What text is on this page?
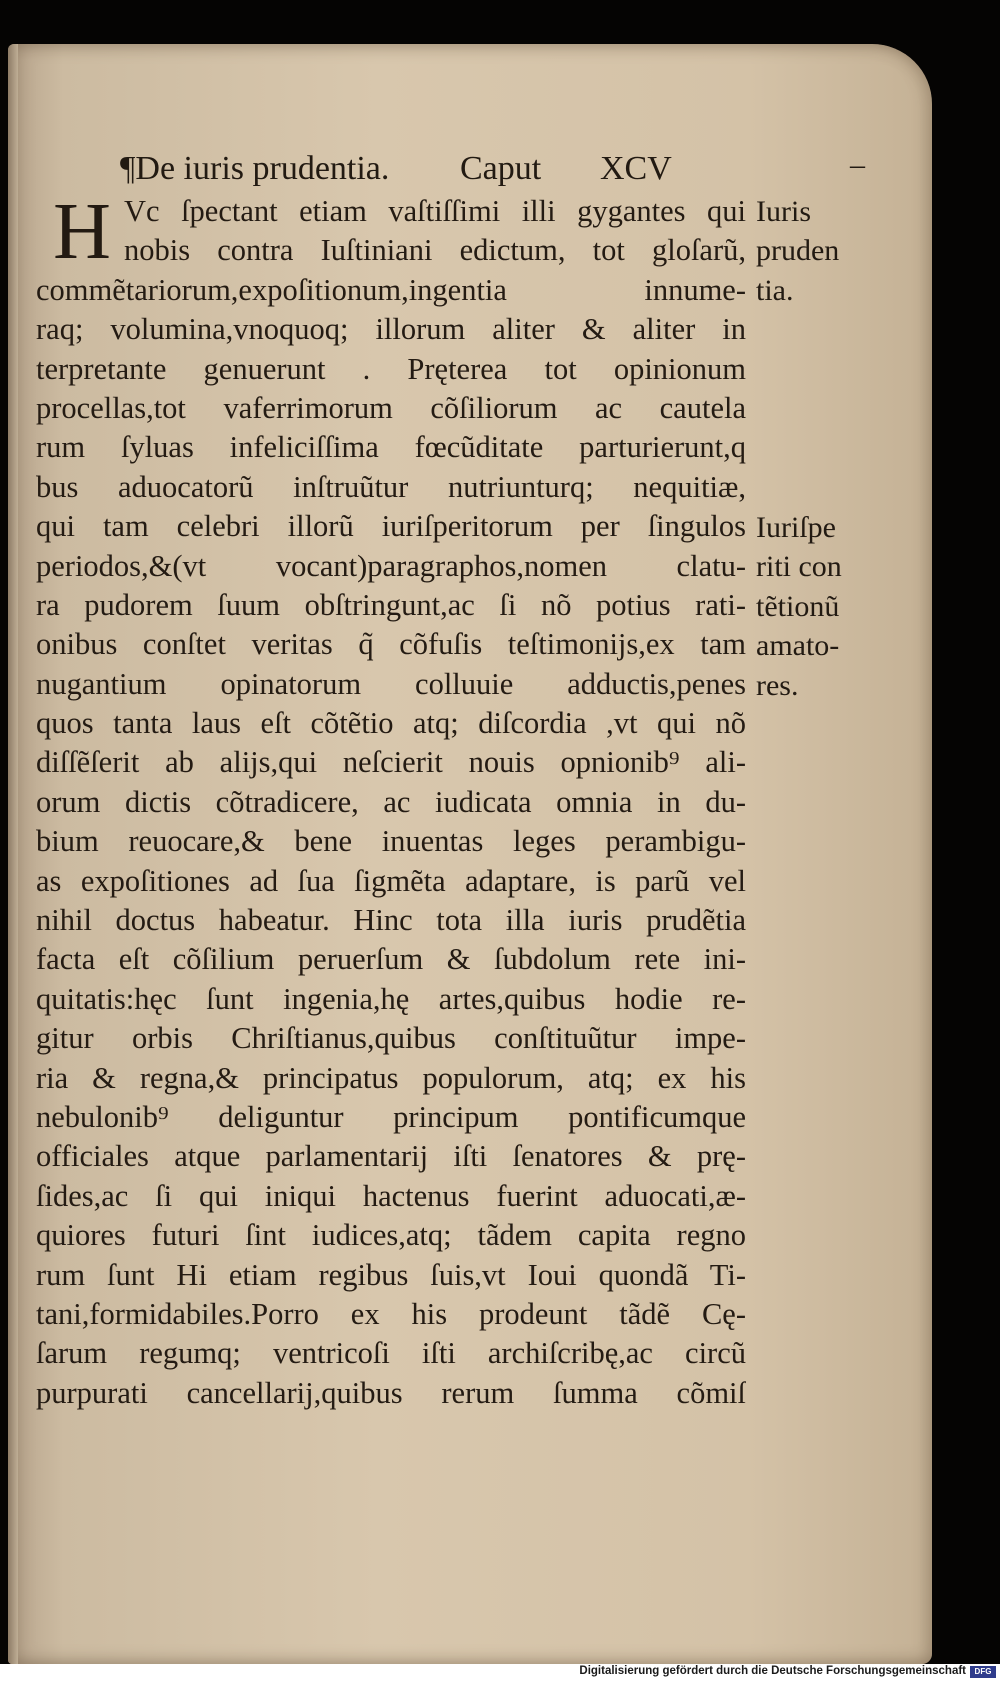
¶De iuris prudentia. Caput XCV	–
H Vc ſpectant etiam vaſtiſſimi illi gygantes qui
nobis contra Iuſtiniani edictum, tot gloſarũ,
commẽtariorum,expoſitionum,ingentia innume-
raq; volumina,vnoquoq; illorum aliter & aliter in
terpretante genuerunt . Pręterea tot opinionum
procellas,tot vaferrimorum cõſiliorum ac cautela
rum ſyluas infeliciſſima fœcũditate parturierunt,q
bus aduocatorũ inſtruũtur nutriunturq; nequitiæ,
qui tam celebri illorũ iuriſperitorum per ſingulos
periodos,&(vt vocant)paragraphos,nomen clatu-
ra pudorem ſuum obſtringunt,ac ſi nõ potius rati-
onibus conſtet veritas q̃ cõfuſis teſtimonijs,ex tam
nugantium opinatorum colluuie adductis,penes
quos tanta laus eſt cõtẽtio atq; diſcordia ,vt qui nõ
diſſẽſerit ab alijs,qui neſcierit nouis opnionib⁹ ali-
orum dictis cõtradicere, ac iudicata omnia in du-
bium reuocare,& bene inuentas leges perambigu-
as expoſitiones ad ſua ſigmẽta adaptare, is parũ vel
nihil doctus habeatur. Hinc tota illa iuris prudẽtia
facta eſt cõſilium peruerſum & ſubdolum rete ini-
quitatis:hęc ſunt ingenia,hę artes,quibus hodie re-
gitur orbis Chriſtianus,quibus conſtituũtur impe-
ria & regna,& principatus populorum, atq; ex his
nebulonib⁹ deliguntur principum pontificumque
officiales atque parlamentarij iſti ſenatores & prę-
ſides,ac ſi qui iniqui hactenus fuerint aduocati,æ-
quiores futuri ſint iudices,atq; tãdem capita regno
rum ſunt Hi etiam regibus ſuis,vt Ioui quondã Ti-
tani,formidabiles.Porro ex his prodeunt tãdẽ Cę-
ſarum regumq; ventricoſi iſti archiſcribę,ac circũ
purpurati cancellarij,quibus rerum ſumma cõmiſ
Iuris
pruden
tia.
Iuriſpe
riti con
tẽtionũ
amato-
res.
Digitalisierung gefördert durch die Deutsche Forschungsgemeinschaft	DFG
